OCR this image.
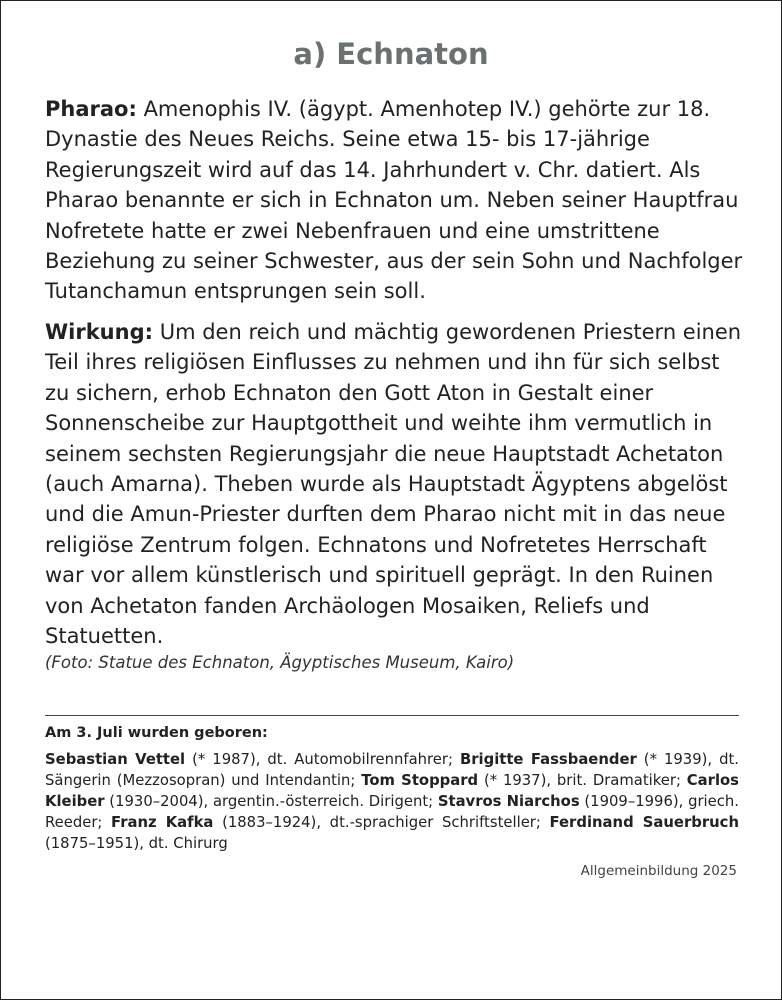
a) Echnaton

Pharao: Amenophis IV. (ägypt. Amenhotep IV.) gehörte zur 18. Dynastie des Neues Reichs. Seine etwa 15- bis 17-jährige Regierungszeit wird auf das 14. Jahrhundert v. Chr. datiert. Als Pharao benannte er sich in Echnaton um. Neben seiner Hauptfrau Nofretete hatte er zwei Nebenfrauen und eine umstrittene Beziehung zu seiner Schwester, aus der sein Sohn und Nachfolger Tutanchamun entsprungen sein soll.

Wirkung: Um den reich und mächtig gewordenen Priestern einen Teil ihres religiösen Einflusses zu nehmen und ihn für sich selbst zu sichern, erhob Echnaton den Gott Aton in Gestalt einer Sonnenscheibe zur Hauptgottheit und weihte ihm vermutlich in seinem sechsten Regierungsjahr die neue Hauptstadt Achetaton (auch Amarna). Theben wurde als Hauptstadt Ägyptens abgelöst und die Amun-Priester durften dem Pharao nicht mit in das neue religiöse Zentrum folgen. Echnatons und Nofretetes Herrschaft war vor allem künstlerisch und spirituell geprägt. In den Ruinen von Achetaton fanden Archäologen Mosaiken, Reliefs und Statuetten.

(Foto: Statue des Echnaton, Ägyptisches Museum, Kairo)
Am 3. Juli wurden geboren:

Sebastian Vettel (* 1987), dt. Automobilrennfahrer; Brigitte Fassbaender (* 1939), dt. Sängerin (Mezzosopran) und Intendantin; Tom Stoppard (* 1937), brit. Dramatiker; Carlos Kleiber (1930–2004), argentin.-österreich. Dirigent; Stavros Niarchos (1909–1996), griech. Reeder; Franz Kafka (1883–1924), dt.-sprachiger Schriftsteller; Ferdinand Sauerbruch (1875–1951), dt. Chirurg

Allgemeinbildung 2025
